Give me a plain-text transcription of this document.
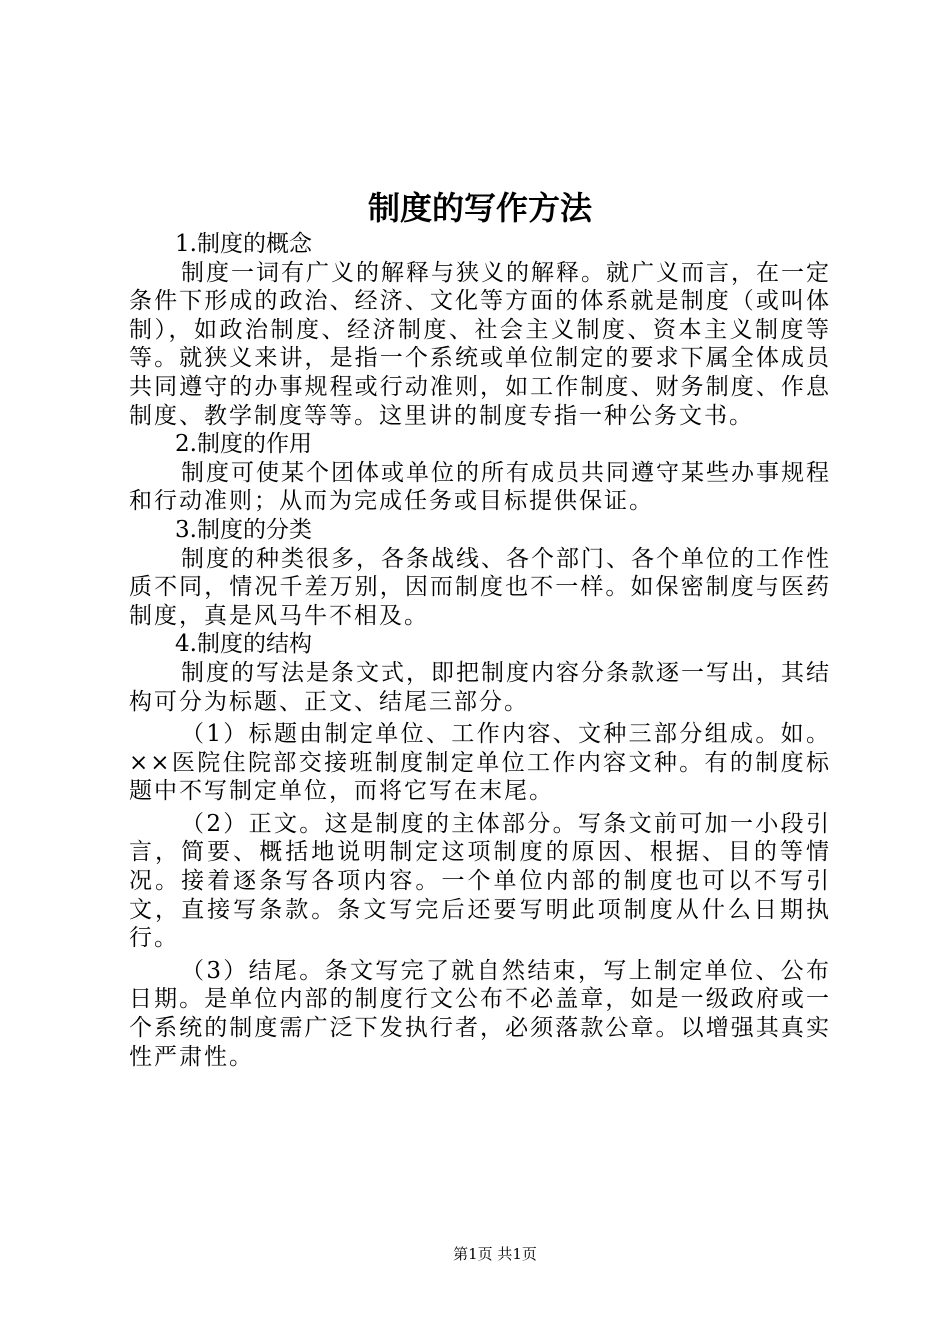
制度的写作方法

1.制度的概念

制度一词有广义的解释与狭义的解释。就广义而言，在一定条件下形成的政治、经济、文化等方面的体系就是制度（或叫体制），如政治制度、经济制度、社会主义制度、资本主义制度等等。就狭义来讲，是指一个系统或单位制定的要求下属全体成员共同遵守的办事规程或行动准则，如工作制度、财务制度、作息制度、教学制度等等。这里讲的制度专指一种公务文书。

2.制度的作用

制度可使某个团体或单位的所有成员共同遵守某些办事规程和行动准则；从而为完成任务或目标提供保证。

3.制度的分类

制度的种类很多，各条战线、各个部门、各个单位的工作性质不同，情况千差万别，因而制度也不一样。如保密制度与医药制度，真是风马牛不相及。

4.制度的结构

制度的写法是条文式，即把制度内容分条款逐一写出，其结构可分为标题、正文、结尾三部分。

（1）标题由制定单位、工作内容、文种三部分组成。如。××医院住院部交接班制度制定单位工作内容文种。有的制度标题中不写制定单位，而将它写在末尾。

（2）正文。这是制度的主体部分。写条文前可加一小段引言，简要、概括地说明制定这项制度的原因、根据、目的等情况。接着逐条写各项内容。一个单位内部的制度也可以不写引文，直接写条款。条文写完后还要写明此项制度从什么日期执行。

（3）结尾。条文写完了就自然结束，写上制定单位、公布日期。是单位内部的制度行文公布不必盖章，如是一级政府或一个系统的制度需广泛下发执行者，必须落款公章。以增强其真实性严肃性。

第1页 共1页
